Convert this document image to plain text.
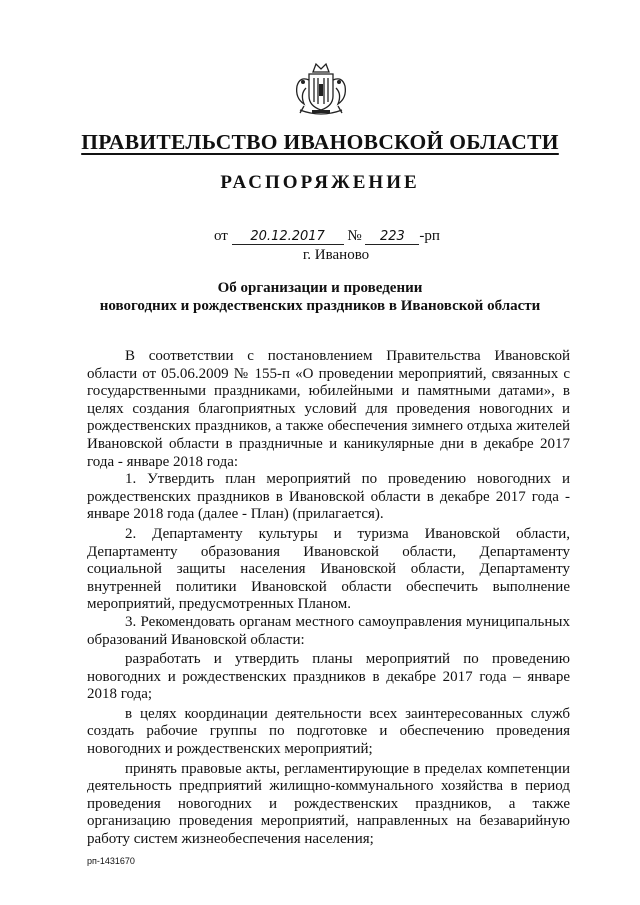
ПРАВИТЕЛЬСТВО ИВАНОВСКОЙ ОБЛАСТИ
РАСПОРЯЖЕНИЕ
от 20.12.2017 № 223 -рп
г. Иваново
Об организации и проведении
новогодних и рождественских праздников в Ивановской области

В соответствии с постановлением Правительства Ивановской области от 05.06.2009 № 155-п «О проведении мероприятий, связанных с государственными праздниками, юбилейными и памятными датами», в целях создания благоприятных условий для проведения новогодних и рождественских праздников, а также обеспечения зимнего отдыха жителей Ивановской области в праздничные и каникулярные дни в декабре 2017 года - январе 2018 года:

1. Утвердить план мероприятий по проведению новогодних и рождественских праздников в Ивановской области в декабре 2017 года - январе 2018 года (далее - План) (прилагается).

2. Департаменту культуры и туризма Ивановской области, Департаменту образования Ивановской области, Департаменту социальной защиты населения Ивановской области, Департаменту внутренней политики Ивановской области обеспечить выполнение мероприятий, предусмотренных Планом.

3. Рекомендовать органам местного самоуправления муниципальных образований Ивановской области:

разработать и утвердить планы мероприятий по проведению новогодних и рождественских праздников в декабре 2017 года – январе 2018 года;

в целях координации деятельности всех заинтересованных служб создать рабочие группы по подготовке и обеспечению проведения новогодних и рождественских мероприятий;

принять правовые акты, регламентирующие в пределах компетенции деятельность предприятий жилищно-коммунального хозяйства в период проведения новогодних и рождественских праздников, а также организацию проведения мероприятий, направленных на безаварийную работу систем жизнеобеспечения населения;

рп-1431670
